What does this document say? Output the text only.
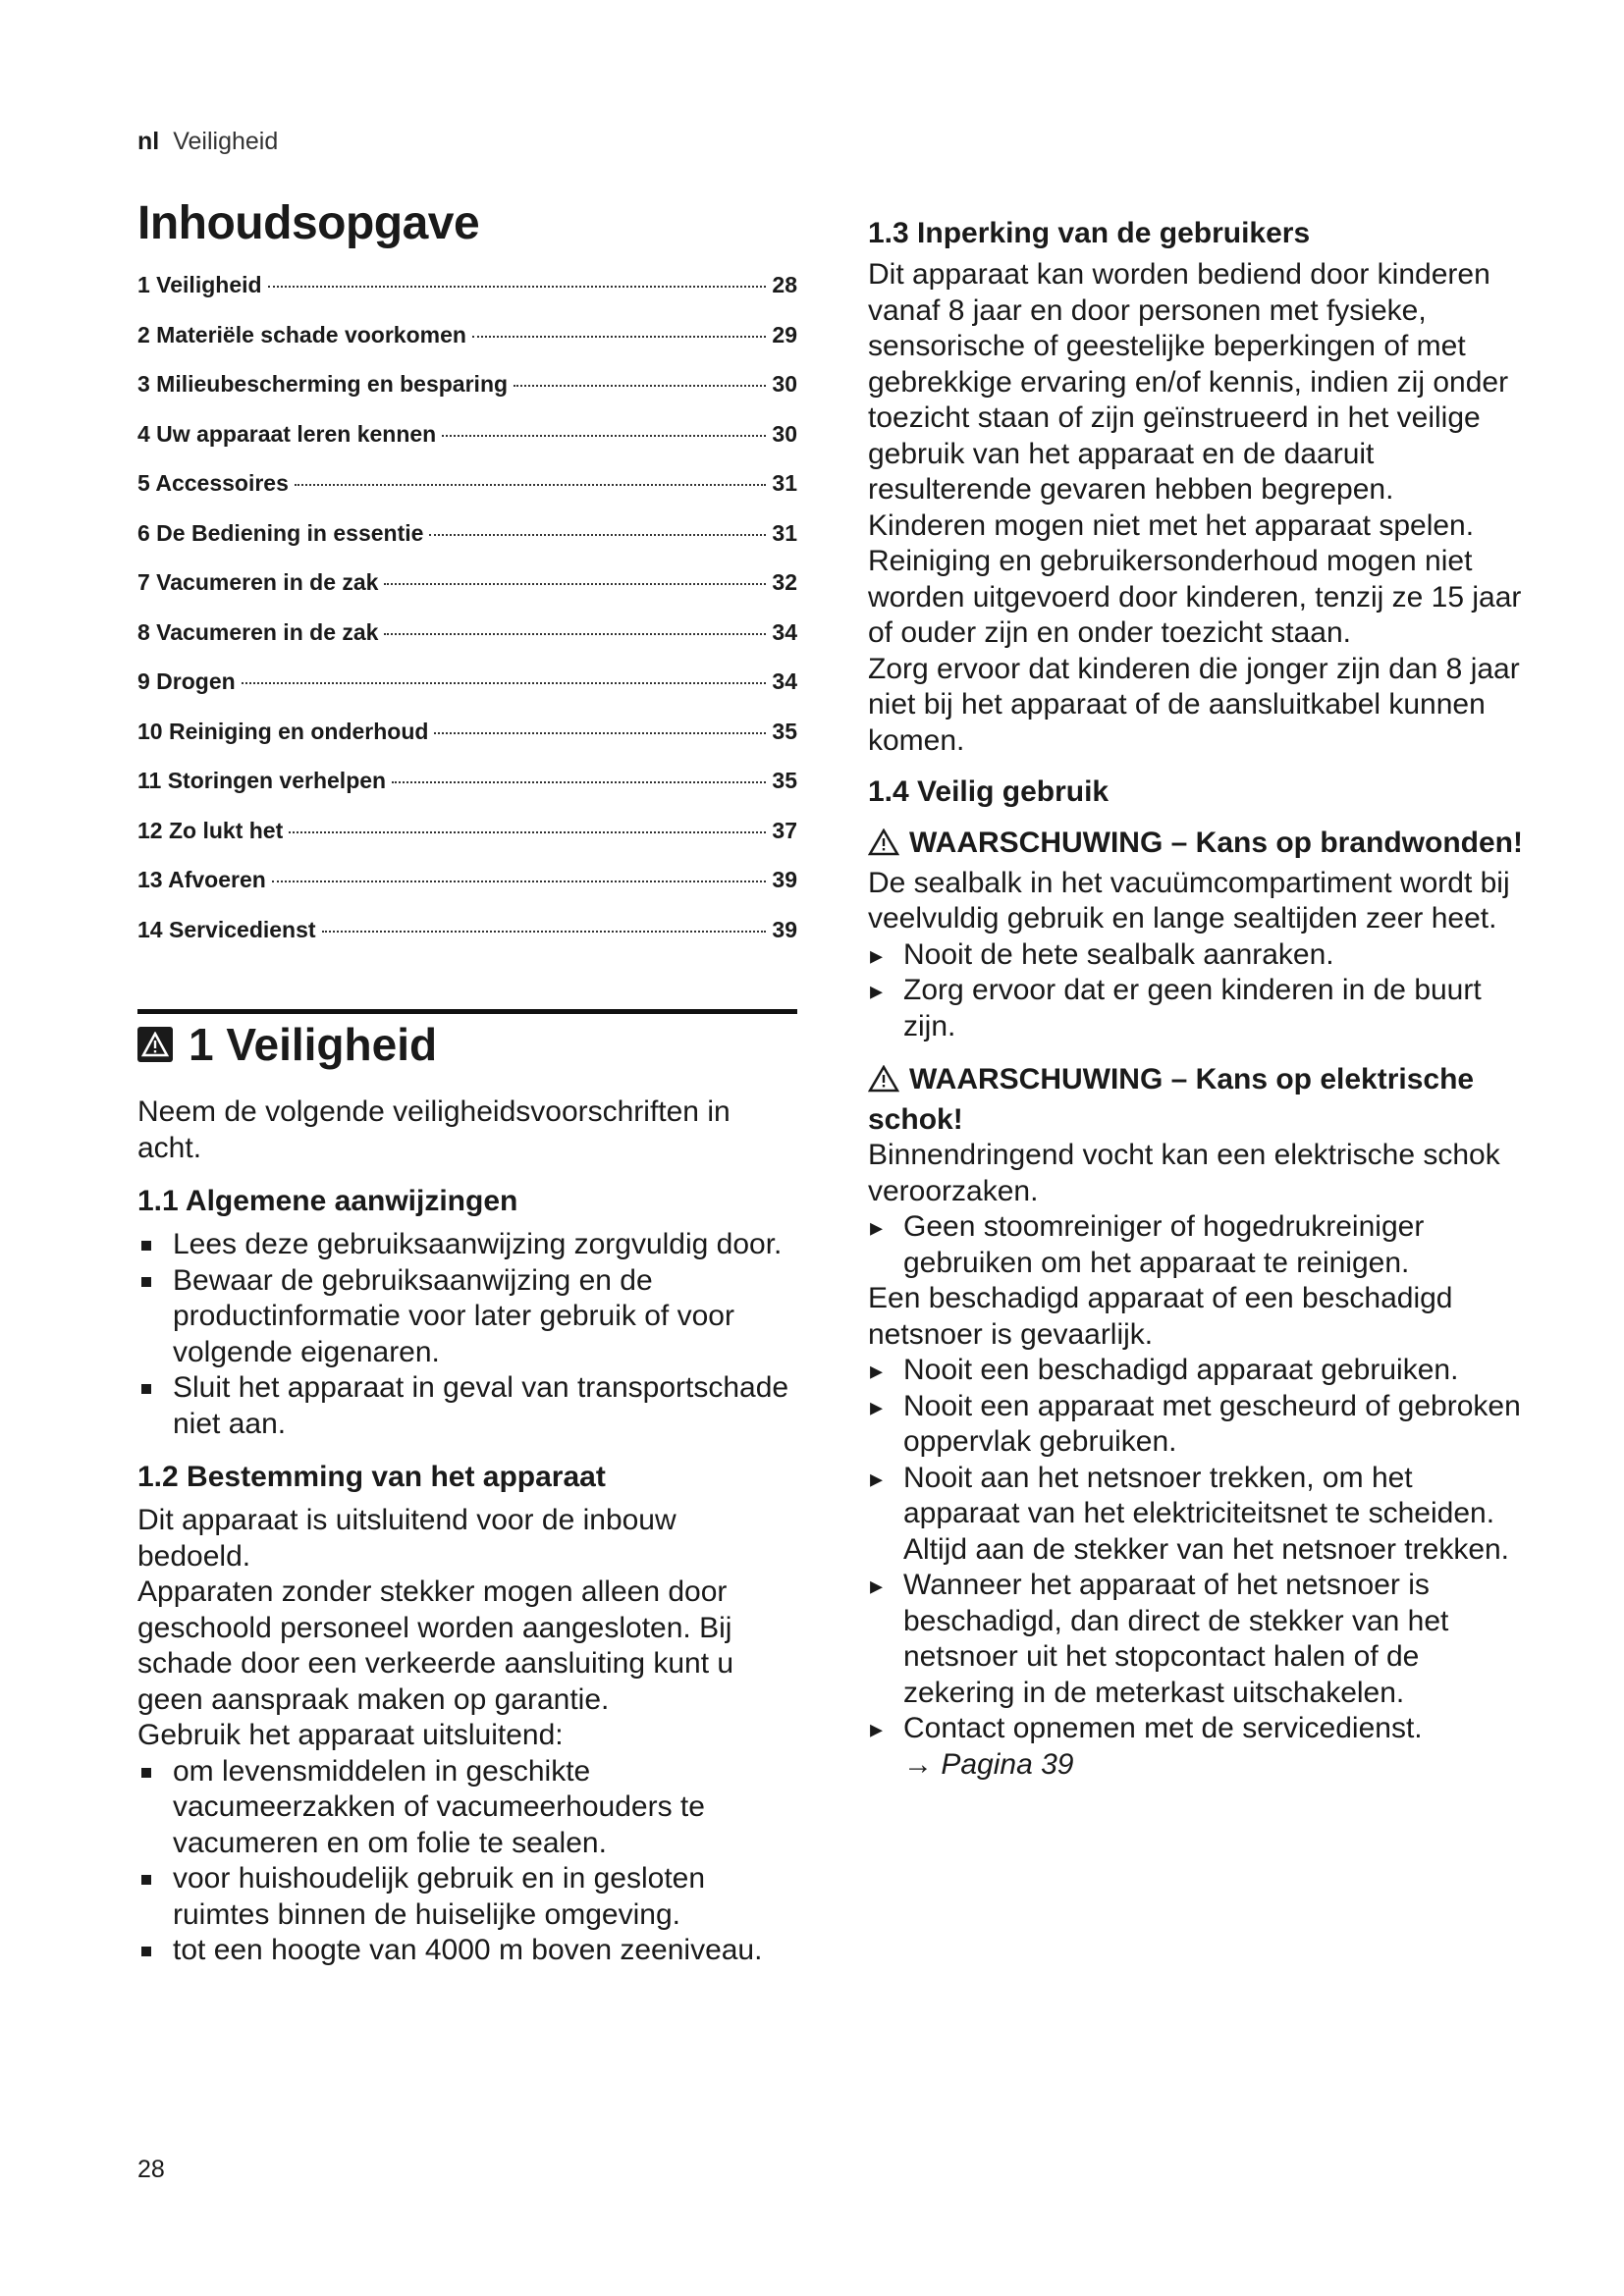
nl Veiligheid
Inhoudsopgave
1 Veiligheid	28
2 Materiële schade voorkomen	29
3 Milieubescherming en besparing	30
4 Uw apparaat leren kennen	30
5 Accessoires	31
6 De Bediening in essentie	31
7 Vacumeren in de zak	32
8 Vacumeren in de zak	34
9 Drogen	34
10 Reiniging en onderhoud	35
11 Storingen verhelpen	35
12 Zo lukt het	37
13 Afvoeren	39
14 Servicedienst	39
1 Veiligheid

Neem de volgende veiligheidsvoorschriften in acht.

1.1 Algemene aanwijzingen
Lees deze gebruiksaanwijzing zorgvuldig door.
Bewaar de gebruiksaanwijzing en de productinformatie voor later gebruik of voor volgende eigenaren.
Sluit het apparaat in geval van transportschade niet aan.
1.2 Bestemming van het apparaat

Dit apparaat is uitsluitend voor de inbouw bedoeld.

Apparaten zonder stekker mogen alleen door geschoold personeel worden aangesloten. Bij schade door een verkeerde aansluiting kunt u geen aanspraak maken op garantie.

Gebruik het apparaat uitsluitend:

om levensmiddelen in geschikte vacumeerzakken of vacumeerhouders te vacumeren en om folie te sealen.
voor huishoudelijk gebruik en in gesloten ruimtes binnen de huiselijke omgeving.
tot een hoogte van 4000 m boven zeeniveau.
1.3 Inperking van de gebruikers

Dit apparaat kan worden bediend door kinderen vanaf 8 jaar en door personen met fysieke, sensorische of geestelijke beperkingen of met gebrekkige ervaring en/of kennis, indien zij onder toezicht staan of zijn geïnstrueerd in het veilige gebruik van het apparaat en de daaruit resulterende gevaren hebben begrepen.

Kinderen mogen niet met het apparaat spelen.

Reiniging en gebruikersonderhoud mogen niet worden uitgevoerd door kinderen, tenzij ze 15 jaar of ouder zijn en onder toezicht staan.

Zorg ervoor dat kinderen die jonger zijn dan 8 jaar niet bij het apparaat of de aansluitkabel kunnen komen.

1.4 Veilig gebruik

WAARSCHUWING – Kans op brandwonden!

De sealbalk in het vacuümcompartiment wordt bij veelvuldig gebruik en lange sealtijden zeer heet.

▸ Nooit de hete sealbalk aanraken.
▸ Zorg ervoor dat er geen kinderen in de buurt zijn.

WAARSCHUWING – Kans op elektrische schok!

Binnendringend vocht kan een elektrische schok veroorzaken.

▸ Geen stoomreiniger of hogedrukreiniger gebruiken om het apparaat te reinigen.

Een beschadigd apparaat of een beschadigd netsnoer is gevaarlijk.

▸ Nooit een beschadigd apparaat gebruiken.
▸ Nooit een apparaat met gescheurd of gebroken oppervlak gebruiken.
▸ Nooit aan het netsnoer trekken, om het apparaat van het elektriciteitsnet te scheiden. Altijd aan de stekker van het netsnoer trekken.
▸ Wanneer het apparaat of het netsnoer is beschadigd, dan direct de stekker van het netsnoer uit het stopcontact halen of de zekering in de meterkast uitschakelen.
▸ Contact opnemen met de servicedienst.
→ Pagina 39
28
